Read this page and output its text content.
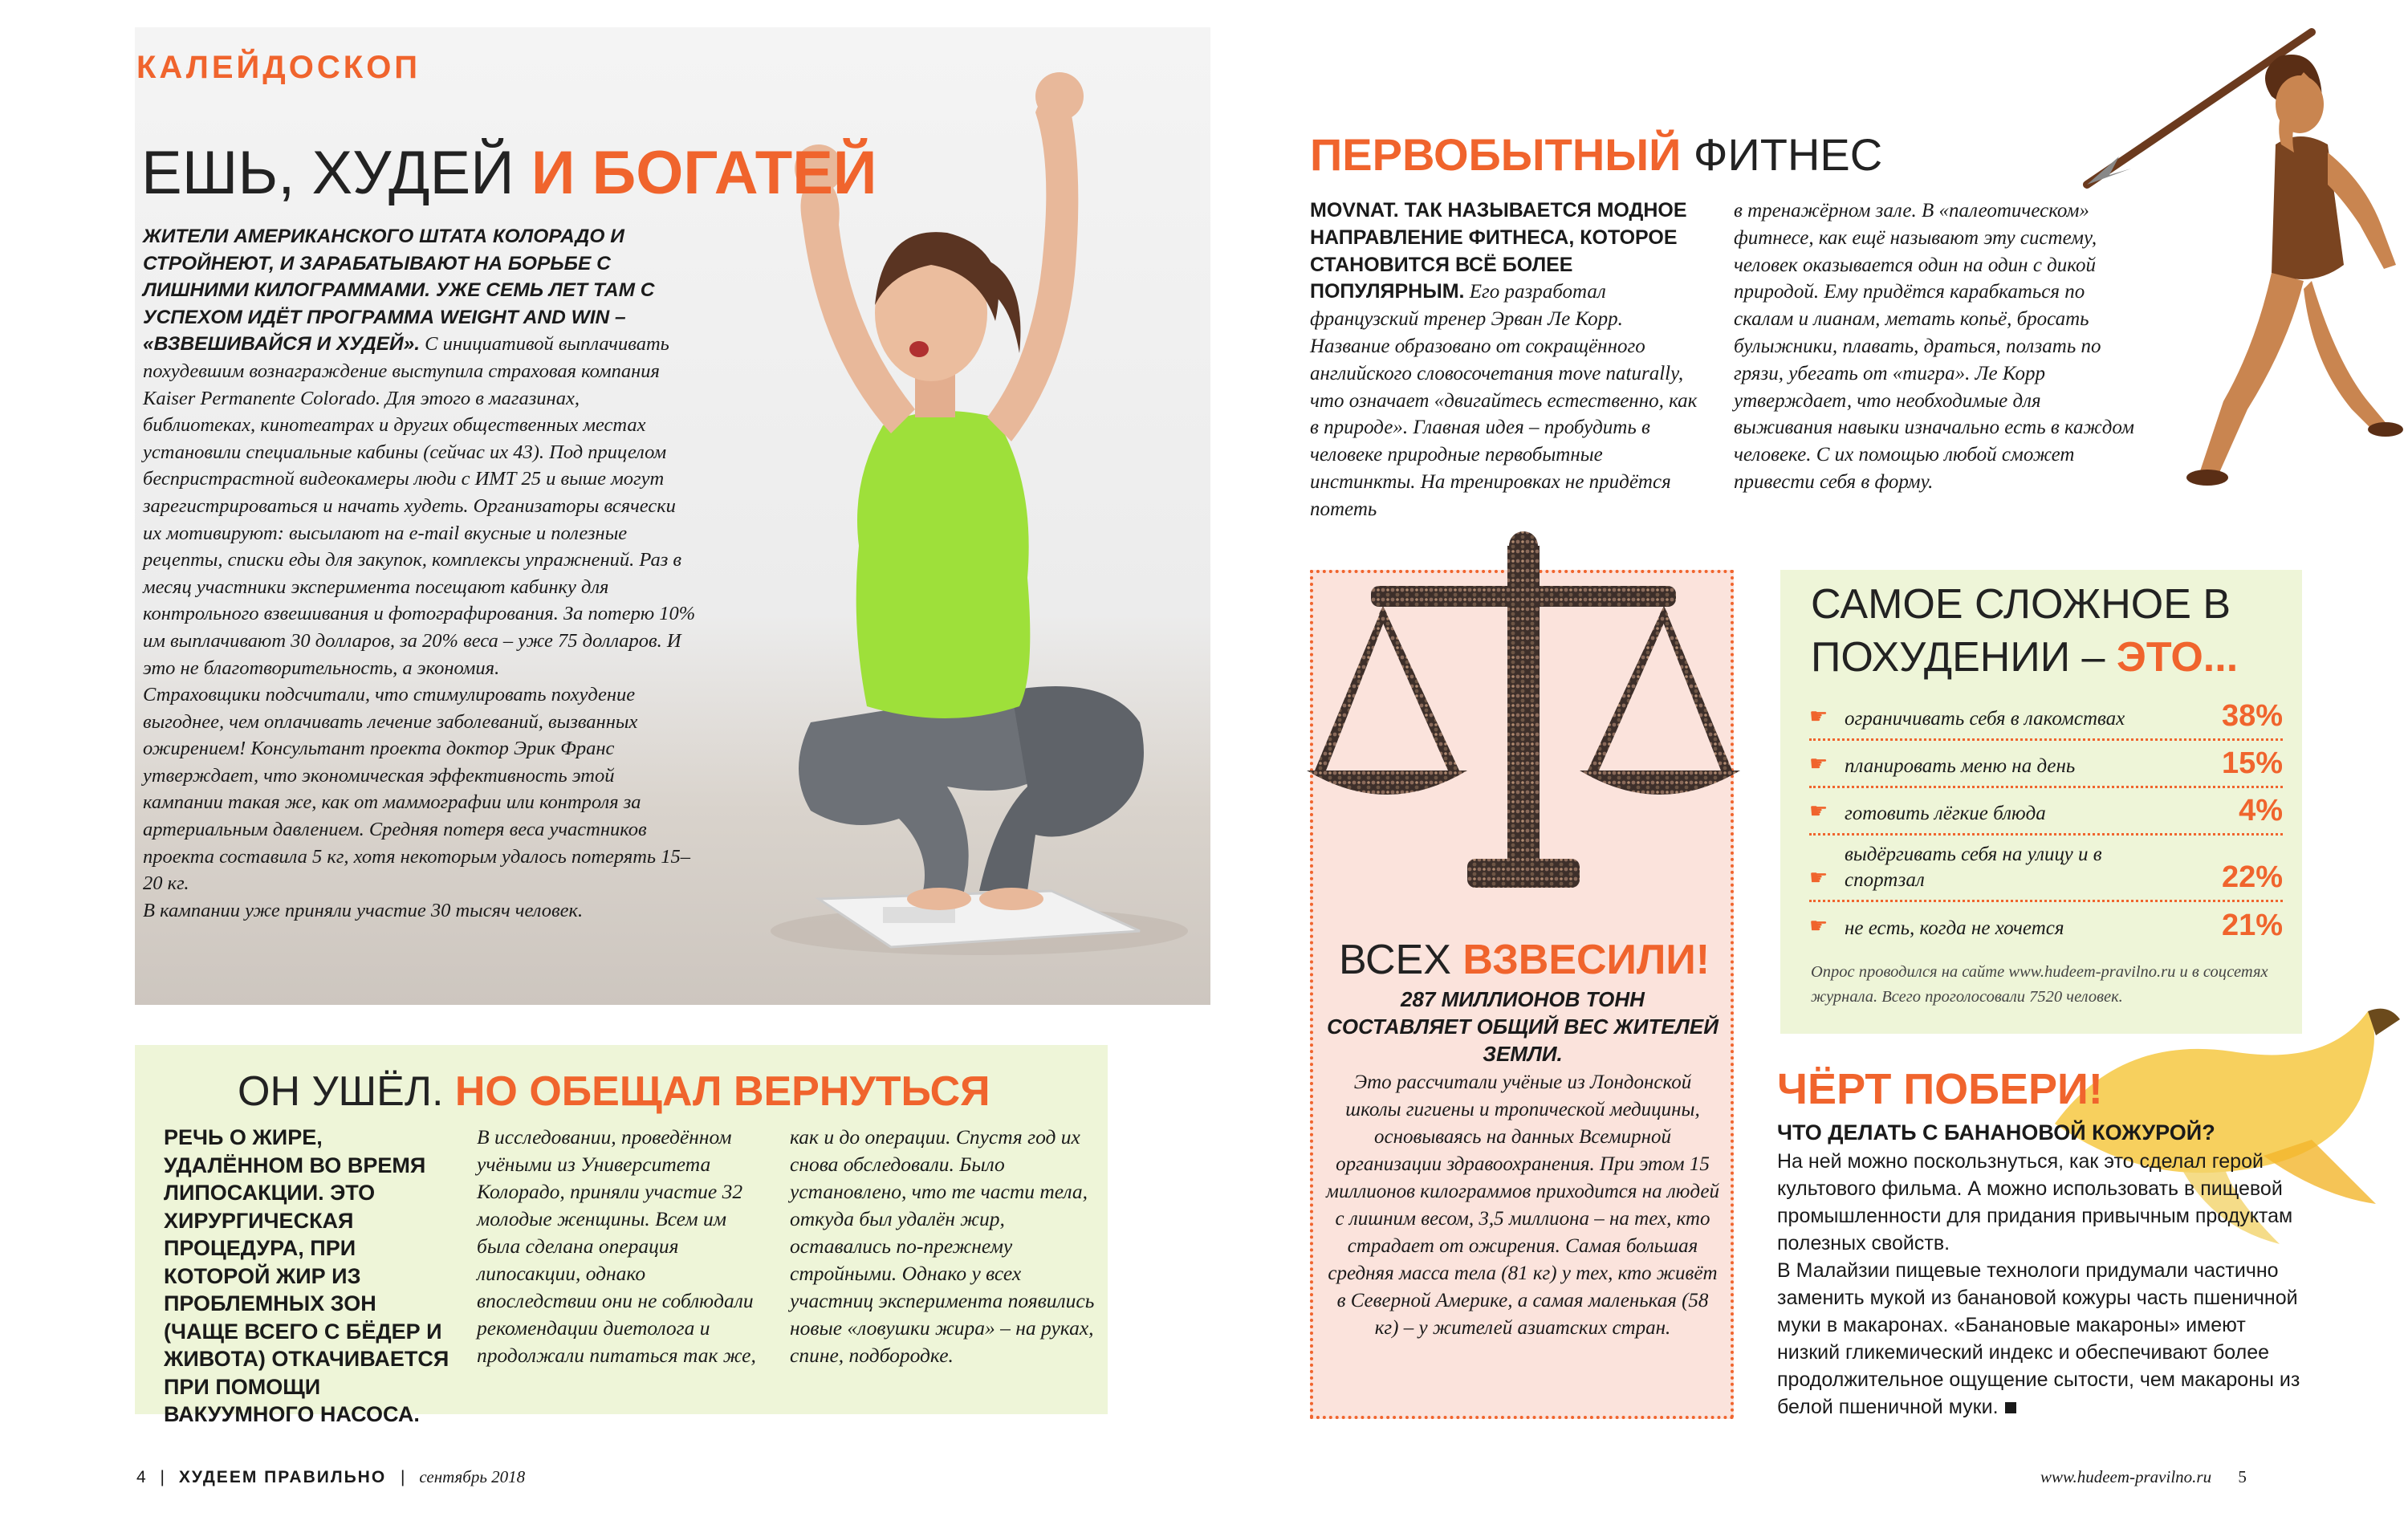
КАЛЕЙДОСКОП
ЕШЬ, ХУДЕЙ И БОГАТЕЙ
ЖИТЕЛИ АМЕРИКАНСКОГО ШТАТА КОЛОРАДО И СТРОЙНЕЮТ, И ЗАРАБАТЫВАЮТ НА БОРЬБЕ С ЛИШНИМИ КИЛОГРАММАМИ. УЖЕ СЕМЬ ЛЕТ ТАМ С УСПЕХОМ ИДЁТ ПРОГРАММА WEIGHT AND WIN – «ВЗВЕШИВАЙСЯ И ХУДЕЙ». С инициативой выплачивать похудевшим вознаграждение выступила страховая компания Kaiser Permanente Colorado. Для этого в магазинах, библиотеках, кинотеатрах и других общественных местах установили специальные кабины (сейчас их 43). Под прицелом беспристрастной видеокамеры люди с ИМТ 25 и выше могут зарегистрироваться и начать худеть. Организаторы всячески их мотивируют: высылают на e-mail вкусные и полезные рецепты, списки еды для закупок, комплексы упражнений. Раз в месяц участники эксперимента посещают кабинку для контрольного взвешивания и фотографирования. За потерю 10% им выплачивают 30 долларов, за 20% веса – уже 75 долларов. И это не благотворительность, а экономия.
Страховщики подсчитали, что стимулировать похудение выгоднее, чем оплачивать лечение заболеваний, вызванных ожирением! Консультант проекта доктор Эрик Франс утверждает, что экономическая эффективность этой кампании такая же, как от маммографии или контроля за артериальным давлением. Средняя потеря веса участников проекта составила 5 кг, хотя некоторым удалось потерять 15–20 кг.
В кампании уже приняли участие 30 тысяч человек.
ОН УШЁЛ. НО ОБЕЩАЛ ВЕРНУТЬСЯ
РЕЧЬ О ЖИРЕ, УДАЛЁННОМ ВО ВРЕМЯ ЛИПОСАКЦИИ. ЭТО ХИРУРГИЧЕСКАЯ ПРОЦЕДУРА, ПРИ КОТОРОЙ ЖИР ИЗ ПРОБЛЕМНЫХ ЗОН (ЧАЩЕ ВСЕГО С БЁДЕР И ЖИВОТА) ОТКАЧИВАЕТСЯ ПРИ ПОМОЩИ ВАКУУМНОГО НАСОСА.
В исследовании, проведённом учёными из Университета Колорадо, приняли участие 32 молодые женщины. Всем им была сделана операция липосакции, однако впоследствии они не соблюдали рекомендации диетолога и продолжали питаться так же,
как и до операции. Спустя год их снова обследовали. Было установлено, что те части тела, откуда был удалён жир, оставались по-прежнему стройными. Однако у всех участниц эксперимента появились новые «ловушки жира» – на руках, спине, подбородке.
4 | ХУДЕЕМ ПРАВИЛЬНО | сентябрь 2018
ПЕРВОБЫТНЫЙ ФИТНЕС
MOVNAT. ТАК НАЗЫВАЕТСЯ МОДНОЕ НАПРАВЛЕНИЕ ФИТНЕСА, КОТОРОЕ СТАНОВИТСЯ ВСЁ БОЛЕЕ ПОПУЛЯРНЫМ. Его разработал французский тренер Эрван Ле Корр. Название образовано от сокращённого английского словосочетания move naturally, что означает «двигайтесь естественно, как в природе». Главная идея – пробудить в человеке природные первобытные инстинкты. На тренировках не придётся потеть
в тренажёрном зале. В «палеотическом» фитнесе, как ещё называют эту систему, человек оказывается один на один с дикой природой. Ему придётся карабкаться по скалам и лианам, метать копьё, бросать булыжники, плавать, драться, ползать по грязи, убегать от «тигра». Ле Корр утверждает, что необходимые для выживания навыки изначально есть в каждом человеке. С их помощью любой сможет привести себя в форму.
ВСЕХ ВЗВЕСИЛИ!
287 МИЛЛИОНОВ ТОНН СОСТАВЛЯЕТ ОБЩИЙ ВЕС ЖИТЕЛЕЙ ЗЕМЛИ.
Это рассчитали учёные из Лондонской школы гигиены и тропической медицины, основываясь на данных Всемирной организации здравоохранения. При этом 15 миллионов килограммов приходится на людей с лишним весом, 3,5 миллиона – на тех, кто страдает от ожирения. Самая большая средняя масса тела (81 кг) у тех, кто живёт в Северной Америке, а самая маленькая (58 кг) – у жителей азиатских стран.
САМОЕ СЛОЖНОЕ В ПОХУДЕНИИ – ЭТО...
☛ ограничивать себя в лакомствах	38%
☛ планировать меню на день	15%
☛ готовить лёгкие блюда	4%
☛
выдёргивать себя на улицу и в спортзал	22%
☛ не есть, когда не хочется	21%
Опрос проводился на сайте www.hudeem-pravilno.ru и в соцсетях журнала. Всего проголосовали 7520 человек.
ЧЁРТ ПОБЕРИ!
ЧТО ДЕЛАТЬ С БАНАНОВОЙ КОЖУРОЙ?
На ней можно поскользнуться, как это сделал герой культового фильма. А можно использовать в пищевой промышленности для придания привычным продуктам полезных свойств.
В Малайзии пищевые технологи придумали частично заменить мукой из банановой кожуры часть пшеничной муки в макаронах. «Банановые макароны» имеют низкий гликемический индекс и обеспечивают более продолжительное ощущение сытости, чем макароны из белой пшеничной муки.
www.hudeem-pravilno.ru 5
